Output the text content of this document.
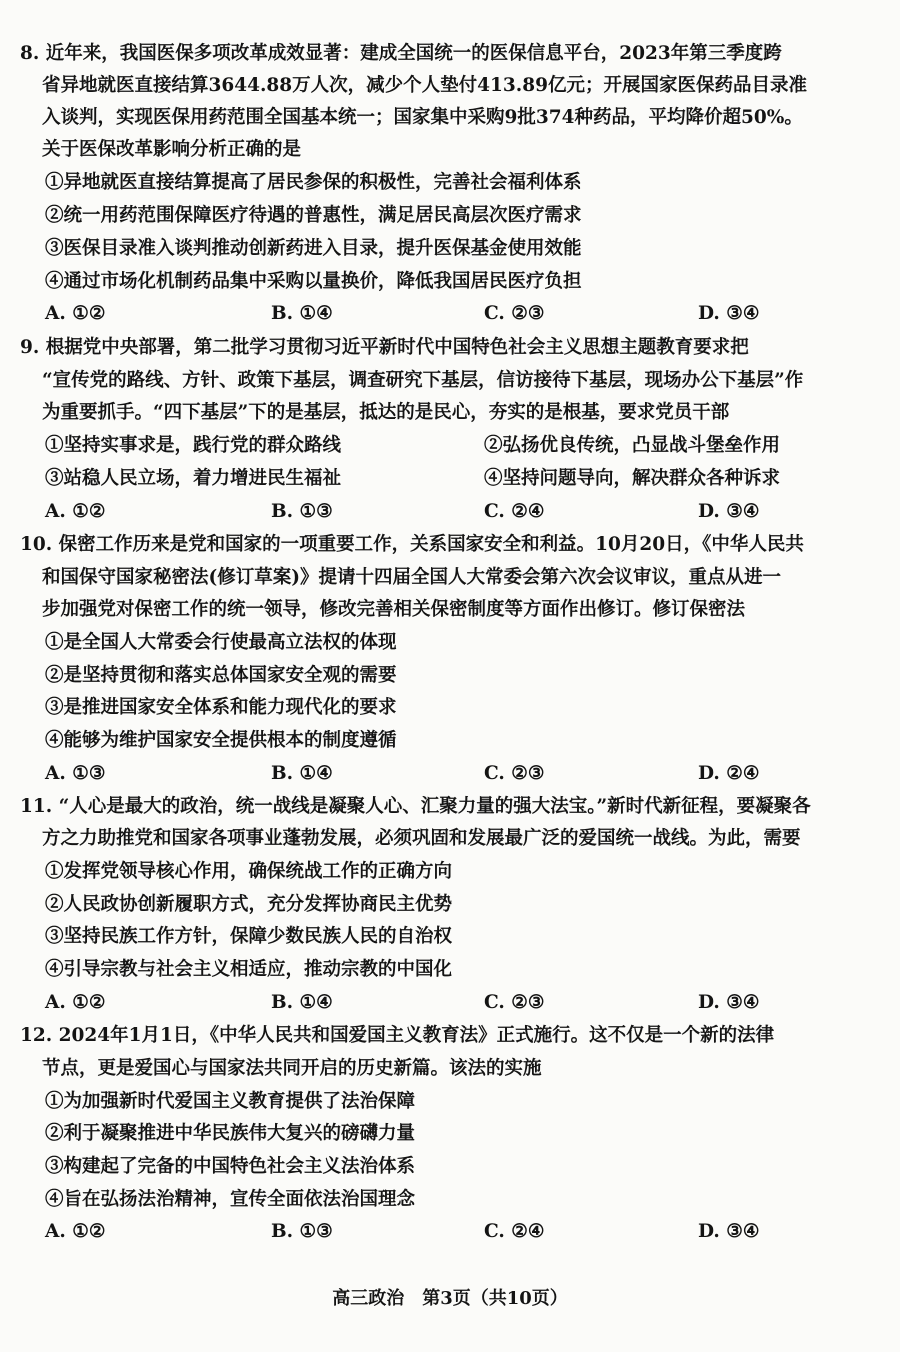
8. 近年来，我国医保多项改革成效显著：建成全国统一的医保信息平台，2023年第三季度跨
省异地就医直接结算3644.88万人次，减少个人垫付413.89亿元；开展国家医保药品目录准
入谈判，实现医保用药范围全国基本统一；国家集中采购9批374种药品，平均降价超50%。
关于医保改革影响分析正确的是
①异地就医直接结算提高了居民参保的积极性，完善社会福利体系
②统一用药范围保障医疗待遇的普惠性，满足居民高层次医疗需求
③医保目录准入谈判推动创新药进入目录，提升医保基金使用效能
④通过市场化机制药品集中采购以量换价，降低我国居民医疗负担
A. ①②	B. ①④	C. ②③	D. ③④
9. 根据党中央部署，第二批学习贯彻习近平新时代中国特色社会主义思想主题教育要求把
“宣传党的路线、方针、政策下基层，调查研究下基层，信访接待下基层，现场办公下基层”作
为重要抓手。“四下基层”下的是基层，抵达的是民心，夯实的是根基，要求党员干部
①坚持实事求是，践行党的群众路线	②弘扬优良传统，凸显战斗堡垒作用
③站稳人民立场，着力增进民生福祉	④坚持问题导向，解决群众各种诉求
A. ①②	B. ①③	C. ②④	D. ③④
10. 保密工作历来是党和国家的一项重要工作，关系国家安全和利益。10月20日，《中华人民共
和国保守国家秘密法(修订草案)》提请十四届全国人大常委会第六次会议审议，重点从进一
步加强党对保密工作的统一领导，修改完善相关保密制度等方面作出修订。修订保密法
①是全国人大常委会行使最高立法权的体现
②是坚持贯彻和落实总体国家安全观的需要
③是推进国家安全体系和能力现代化的要求
④能够为维护国家安全提供根本的制度遵循
A. ①③	B. ①④	C. ②③	D. ②④
11. “人心是最大的政治，统一战线是凝聚人心、汇聚力量的强大法宝。”新时代新征程，要凝聚各
方之力助推党和国家各项事业蓬勃发展，必须巩固和发展最广泛的爱国统一战线。为此，需要
①发挥党领导核心作用，确保统战工作的正确方向
②人民政协创新履职方式，充分发挥协商民主优势
③坚持民族工作方针，保障少数民族人民的自治权
④引导宗教与社会主义相适应，推动宗教的中国化
A. ①②	B. ①④	C. ②③	D. ③④
12. 2024年1月1日，《中华人民共和国爱国主义教育法》正式施行。这不仅是一个新的法律
节点，更是爱国心与国家法共同开启的历史新篇。该法的实施
①为加强新时代爱国主义教育提供了法治保障
②利于凝聚推进中华民族伟大复兴的磅礴力量
③构建起了完备的中国特色社会主义法治体系
④旨在弘扬法治精神，宣传全面依法治国理念
A. ①②	B. ①③	C. ②④	D. ③④
高三政治　第3页（共10页）
